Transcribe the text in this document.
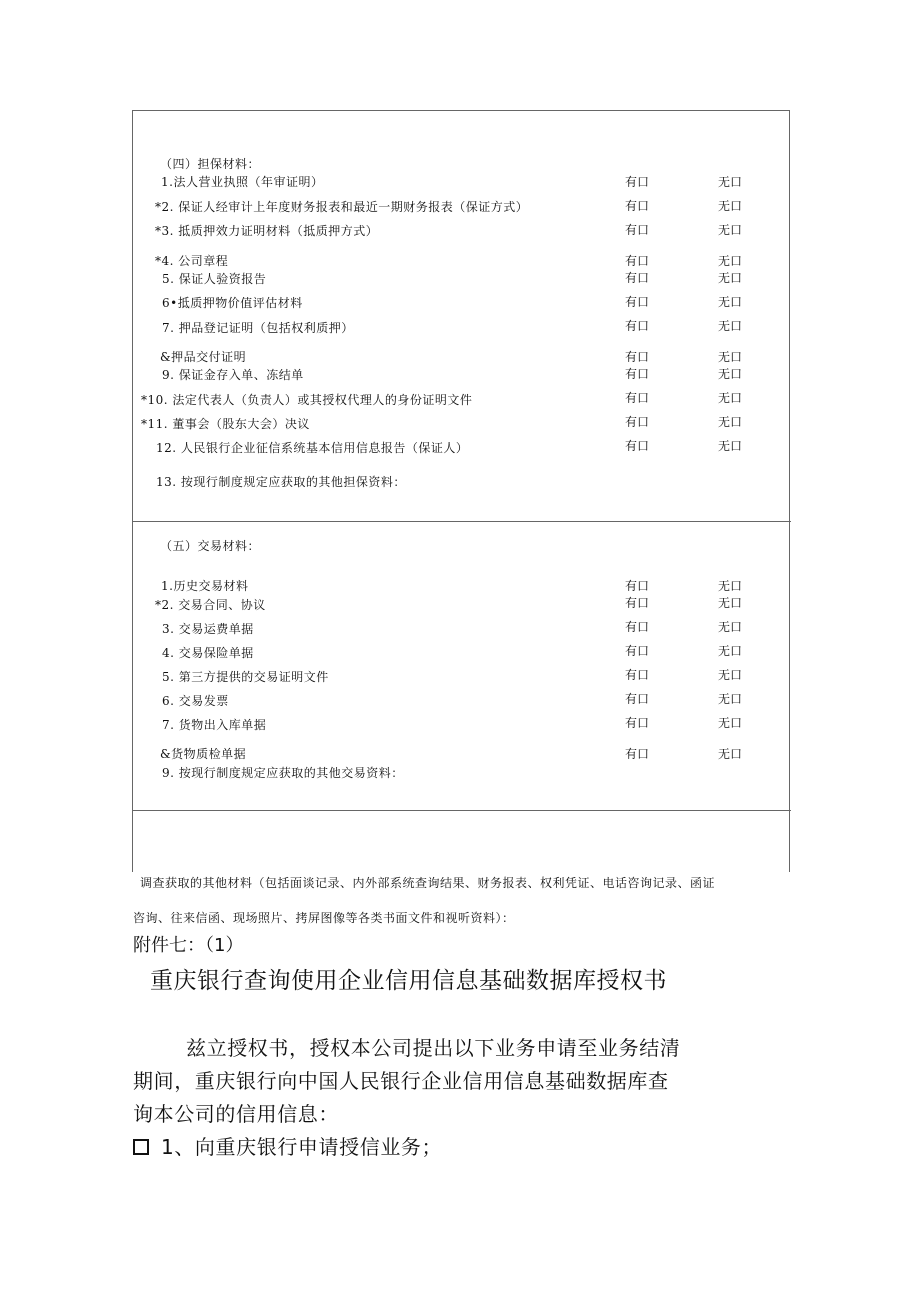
（四）担保材料：
1.法人营业执照（年审证明）	有口	无口
*2. 保证人经审计上年度财务报表和最近一期财务报表（保证方式）	有口	无口
*3. 抵质押效力证明材料（抵质押方式）	有口	无口
*4. 公司章程	有口	无口
5. 保证人验资报告	有口	无口
6•抵质押物价值评估材料	有口	无口
7. 押品登记证明（包括权利质押）	有口	无口
&押品交付证明	有口	无口
9. 保证金存入单、冻结单	有口	无口
*10. 法定代表人（负责人）或其授权代理人的身份证明文件	有口	无口
*11. 董事会（股东大会）决议	有口	无口
12. 人民银行企业征信系统基本信用信息报告（保证人）	有口	无口
13. 按现行制度规定应获取的其他担保资料：
（五）交易材料：
1.历史交易材料	有口	无口
*2. 交易合同、协议	有口	无口
3. 交易运费单据	有口	无口
4. 交易保险单据	有口	无口
5. 第三方提供的交易证明文件	有口	无口
6. 交易发票	有口	无口
7. 货物出入库单据	有口	无口
&货物质检单据	有口	无口
9. 按现行制度规定应获取的其他交易资料：
调查获取的其他材料（包括面谈记录、内外部系统查询结果、财务报表、权利凭证、电话咨询记录、函证
咨询、往来信函、现场照片、拷屏图像等各类书面文件和视听资料）：
附件七：（1）
重庆银行查询使用企业信用信息基础数据库授权书
兹立授权书，授权本公司提出以下业务申请至业务结清
期间，重庆银行向中国人民银行企业信用信息基础数据库查
询本公司的信用信息：
1、向重庆银行申请授信业务；
